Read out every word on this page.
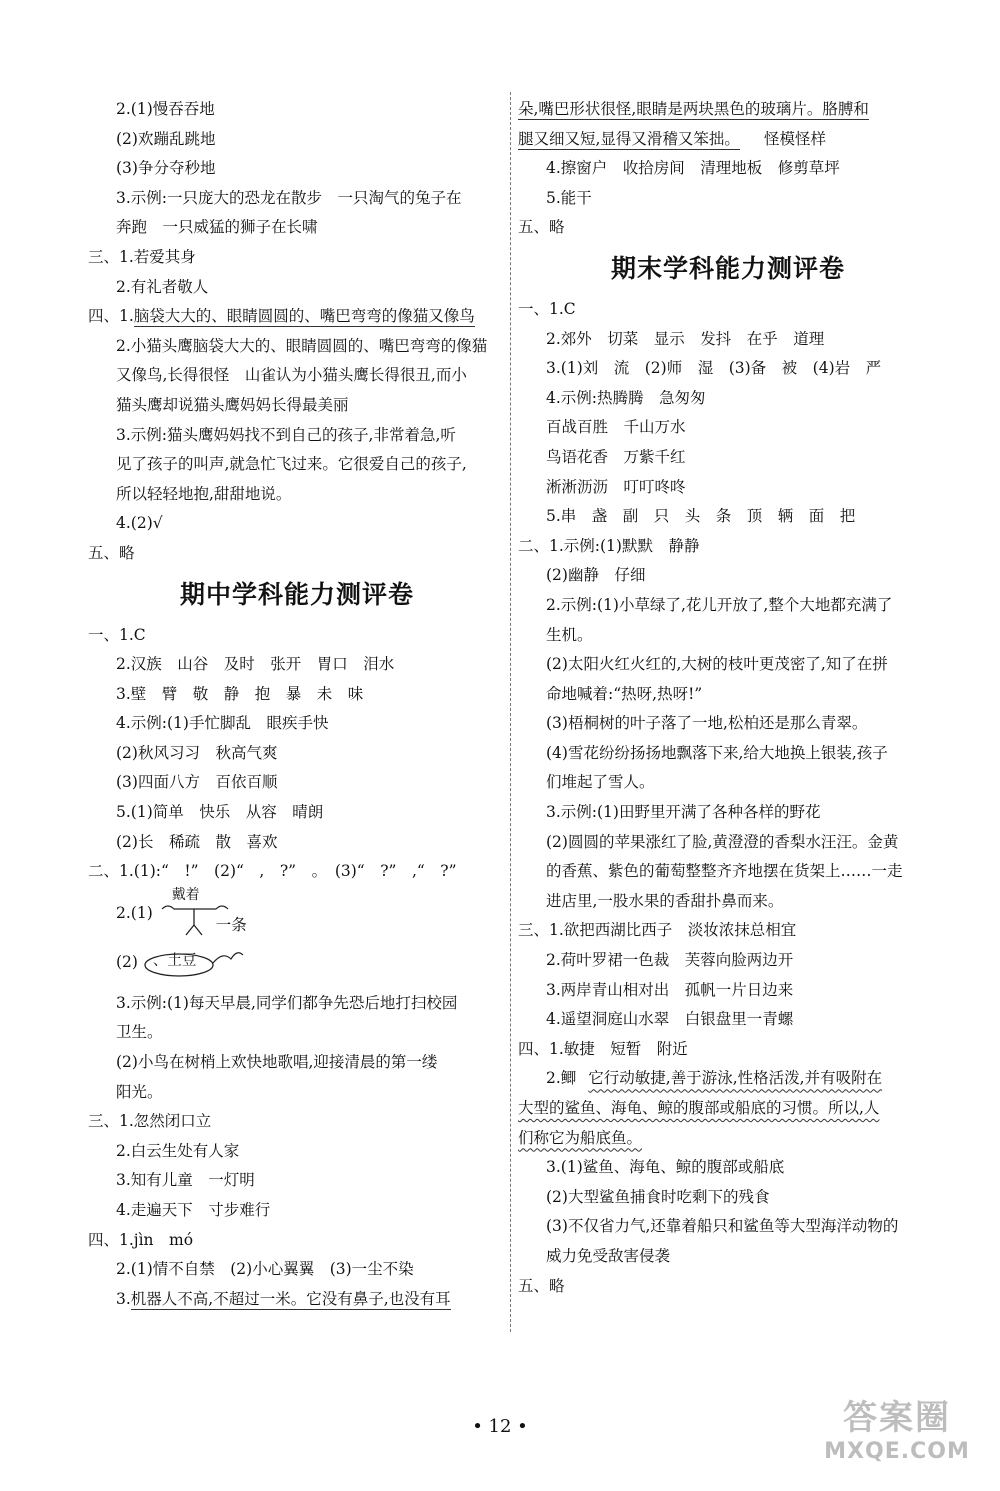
2.(1)慢吞吞地
(2)欢蹦乱跳地
(3)争分夺秒地
3.示例:一只庞大的恐龙在散步　一只淘气的兔子在
奔跑　一只威猛的狮子在长啸
三、1.若爱其身
2.有礼者敬人
四、1.脑袋大大的、眼睛圆圆的、嘴巴弯弯的像猫又像鸟
2.小猫头鹰脑袋大大的、眼睛圆圆的、嘴巴弯弯的像猫
又像鸟,长得很怪　山雀认为小猫头鹰长得很丑,而小
猫头鹰却说猫头鹰妈妈长得最美丽
3.示例:猫头鹰妈妈找不到自己的孩子,非常着急,听
见了孩子的叫声,就急忙飞过来。它很爱自己的孩子,
所以轻轻地抱,甜甜地说。
4.(2)√
五、略
期中学科能力测评卷
一、1.C
2.汉族　山谷　及时　张开　胃口　泪水
3.壁　臂　敬　静　抱　暴　未　味
4.示例:(1)手忙脚乱　眼疾手快
(2)秋风习习　秋高气爽
(3)四面八方　百依百顺
5.(1)简单　快乐　从容　晴朗
(2)长　稀疏　散　喜欢
二、1.(1):“　!”　(2)“　,　?”　。　(3)“　?”　,“　?”
2.(1)
戴着
一条
(2) 、土豆
3.示例:(1)每天早晨,同学们都争先恐后地打扫校园
卫生。
(2)小鸟在树梢上欢快地歌唱,迎接清晨的第一缕
阳光。
三、1.忽然闭口立
2.白云生处有人家
3.知有儿童　一灯明
4.走遍天下　寸步难行
四、1.jìn　mó
2.(1)情不自禁　(2)小心翼翼　(3)一尘不染
3.机器人不高,不超过一米。它没有鼻子,也没有耳
朵,嘴巴形状很怪,眼睛是两块黑色的玻璃片。胳膊和
腿又细又短,显得又滑稽又笨拙。 怪模怪样
4.擦窗户　收拾房间　清理地板　修剪草坪
5.能干
五、略
期末学科能力测评卷
一、1.C
2.郊外　切菜　显示　发抖　在乎　道理
3.(1)刘　流　(2)师　湿　(3)备　被　(4)岩　严
4.示例:热腾腾　急匆匆
百战百胜　千山万水
鸟语花香　万紫千红
淅淅沥沥　叮叮咚咚
5.串　盏　副　只　头　条　顶　辆　面　把
二、1.示例:(1)默默　静静
(2)幽静　仔细
2.示例:(1)小草绿了,花儿开放了,整个大地都充满了
生机。
(2)太阳火红火红的,大树的枝叶更茂密了,知了在拼
命地喊着:“热呀,热呀!”
(3)梧桐树的叶子落了一地,松柏还是那么青翠。
(4)雪花纷纷扬扬地飘落下来,给大地换上银装,孩子
们堆起了雪人。
3.示例:(1)田野里开满了各种各样的野花
(2)圆圆的苹果涨红了脸,黄澄澄的香梨水汪汪。金黄
的香蕉、紫色的葡萄整整齐齐地摆在货架上……一走
进店里,一股水果的香甜扑鼻而来。
三、1.欲把西湖比西子　淡妆浓抹总相宜
2.荷叶罗裙一色裁　芙蓉向脸两边开
3.两岸青山相对出　孤帆一片日边来
4.遥望洞庭山水翠　白银盘里一青螺
四、1.敏捷　短暂　附近
2.鲫 它行动敏捷,善于游泳,性格活泼,并有吸附在
大型的鲨鱼、海龟、鲸的腹部或船底的习惯。所以,人
们称它为船底鱼。
3.(1)鲨鱼、海龟、鲸的腹部或船底
(2)大型鲨鱼捕食时吃剩下的残食
(3)不仅省力气,还靠着船只和鲨鱼等大型海洋动物的
威力免受敌害侵袭
五、略
• 12 •	答案圈
MXQE.COM
